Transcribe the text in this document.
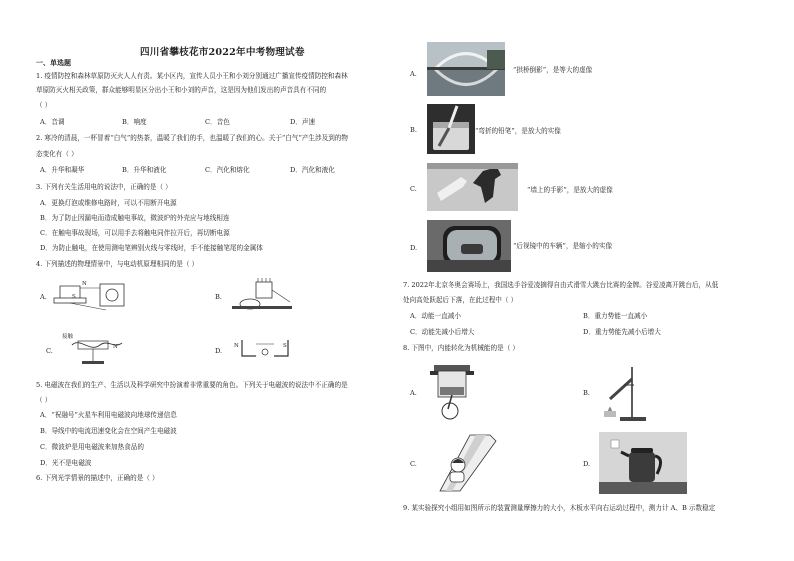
四川省攀枝花市2022年中考物理试卷
一、单选题
1. 疫情防控和森林草原防灭火人人有责。某小区内，宣传人员小王和小刘分别通过广播宣传疫情防控和森林
草原防灭火相关政策，群众能够明显区分出小王和小刘的声音，这是因为他们发出的声音具有不同的
（ ）
A．音调	B．响度	C．音色	D．声速
2. 寒冷的清晨，一杯冒着“白气”的热茶，温暖了我们的手，也温暖了我们的心。关于“白气”产生涉及到的物
态变化有（ ）
A．升华和凝华	B．升华和液化	C．汽化和熔化	D．汽化和液化
3. 下列有关生活用电的说法中，正确的是（ ）
A．更换灯泡或维修电路时，可以不用断开电源
B．为了防止因漏电而造成触电事故，微波炉的外壳应与地线相连
C．在触电事故现场，可以用手去将触电同伴拉开后，再切断电源
D．为防止触电，在使用测电笔辨别火线与零线时，手不能接触笔尾的金属体
4. 下列描述的物理情景中，与电动机原理相同的是（ ）
A.
N
S	B.
C.
接触
N	D.
N	S
5. 电磁波在我们的生产、生活以及科学研究中扮演着非常重要的角色。下列关于电磁波的说法中不正确的是
（ ）
A．“祝融号”火星车利用电磁波向地球传递信息
B．导线中的电流迅速变化会在空间产生电磁波
C．微波炉是用电磁波来加热食品的
D．光不是电磁波
6. 下列光学情景的描述中，正确的是（ ）
A.	“拱桥倒影”，是等大的虚像
B.	“弯折的铅笔”，是放大的实像
C.	“墙上的手影”，是放大的虚像
D.	“后视镜中的车辆”，是缩小的实像
7. 2022年北京冬奥会赛场上，我国选手谷爱凌摘得自由式滑雪大跳台比赛的金牌。谷爱凌离开跳台后，从低
处向高处跃起后下落，在此过程中（ ）
A．动能一直减小	B．重力势能一直减小
C．动能先减小后增大	D．重力势能先减小后增大
8. 下图中，内能转化为机械能的是（ ）
A.	B.
C.	D.
9. 某实验探究小组用如图所示的装置测量摩擦力的大小，木板水平向右运动过程中，测力计 A、B 示数稳定
